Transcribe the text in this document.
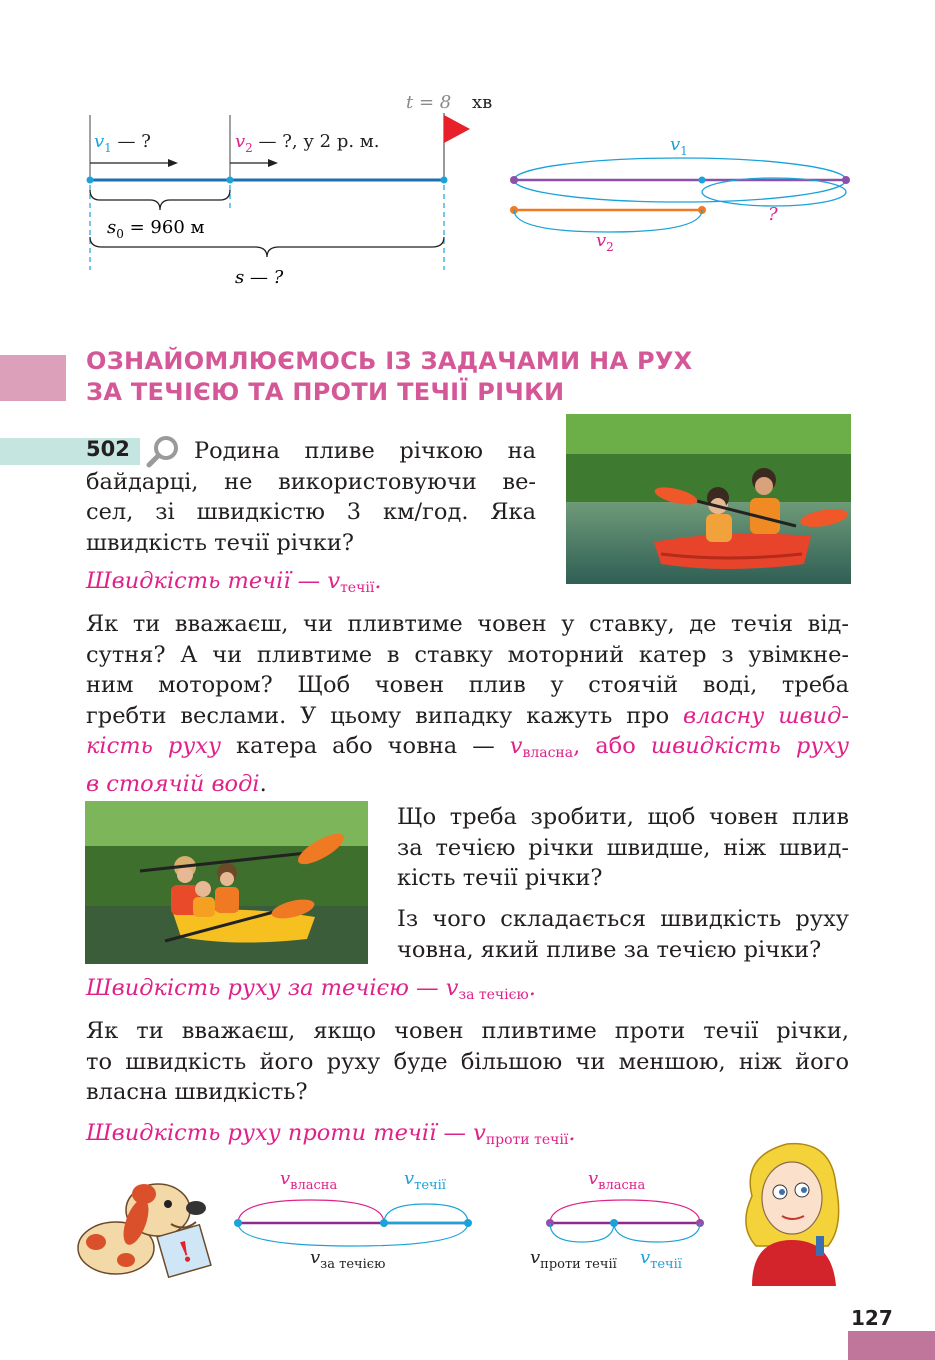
t = 8 хв
$v_1$ — ?	$v_2$ — ?, у 2 р. м.
$s_0 = 960$ м
s — ?
$v_1$
?
$v_2$
ОЗНАЙОМЛЮЄМОСЬ ІЗ ЗАДАЧАМИ НА РУХ
ЗА ТЕЧІЄЮ ТА ПРОТИ ТЕЧІЇ РІЧКИ
502	Родина пливе річкою на
байдарці, не використовуючи ве-
сел, зі швидкістю 3 км/год. Яка
швидкість течії річки?
Швидкість течії — $v_{течії}$.
Як ти вважаєш, чи пливтиме човен у ставку, де течія від-
сутня? А чи пливтиме в ставку моторний катер з увімкне-
ним мотором? Щоб човен плив у стоячій воді, треба
гребти веслами. У цьому випадку кажуть про власну швид-
кість руху катера або човна — $v_{власна}$, або швидкість руху
в стоячій воді.
Що треба зробити, щоб човен плив
за течією річки швидше, ніж швид-
кість течії річки?
Із чого складається швидкість руху
човна, який пливе за течією річки?
Швидкість руху за течією — $v_{за течією}$.
Як ти вважаєш, якщо човен пливтиме проти течії річки,
то швидкість його руху буде більшою чи меншою, ніж його
власна швидкість?
Швидкість руху проти течії — $v_{проти течії}$.
!
$v_{власна}$	$v_{течії}$
$v_{за течією}$
$v_{власна}$
$v_{проти течії}$ $v_{течії}$
127
